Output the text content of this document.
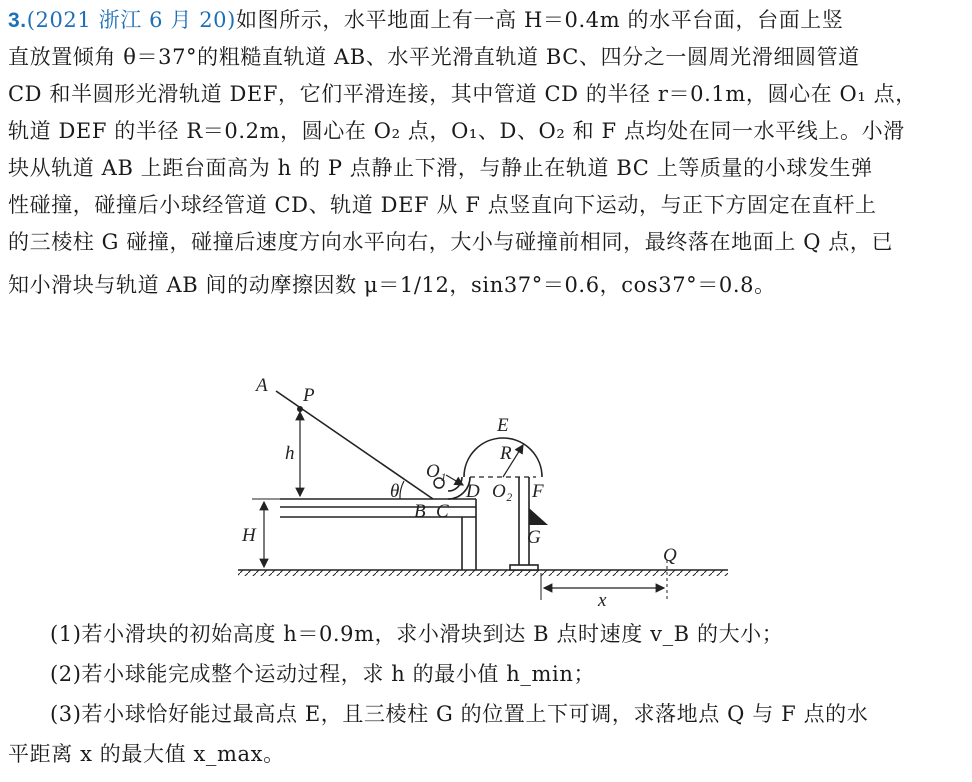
3.(2021 浙江 6 月 20)如图所示，水平地面上有一高 H＝0.4m 的水平台面，台面上竖
直放置倾角 θ＝37°的粗糙直轨道 AB、水平光滑直轨道 BC、四分之一圆周光滑细圆管道
CD 和半圆形光滑轨道 DEF，它们平滑连接，其中管道 CD 的半径 r＝0.1m，圆心在 O₁ 点，
轨道 DEF 的半径 R＝0.2m，圆心在 O₂ 点，O₁、D、O₂ 和 F 点均处在同一水平线上。小滑
块从轨道 AB 上距台面高为 h 的 P 点静止下滑，与静止在轨道 BC 上等质量的小球发生弹
性碰撞，碰撞后小球经管道 CD、轨道 DEF 从 F 点竖直向下运动，与正下方固定在直杆上
的三棱柱 G 碰撞，碰撞后速度方向水平向右，大小与碰撞前相同，最终落在地面上 Q 点，已
知小滑块与轨道 AB 间的动摩擦因数 μ＝1/12，sin37°＝0.6，cos37°＝0.8。
A P
h
θ
H
B C
O₁
D O₂
E
R
F
G
Q
x
(1)若小滑块的初始高度 h＝0.9m，求小滑块到达 B 点时速度 v_B 的大小；
(2)若小球能完成整个运动过程，求 h 的最小值 h_min；
(3)若小球恰好能过最高点 E，且三棱柱 G 的位置上下可调，求落地点 Q 与 F 点的水
平距离 x 的最大值 x_max。
